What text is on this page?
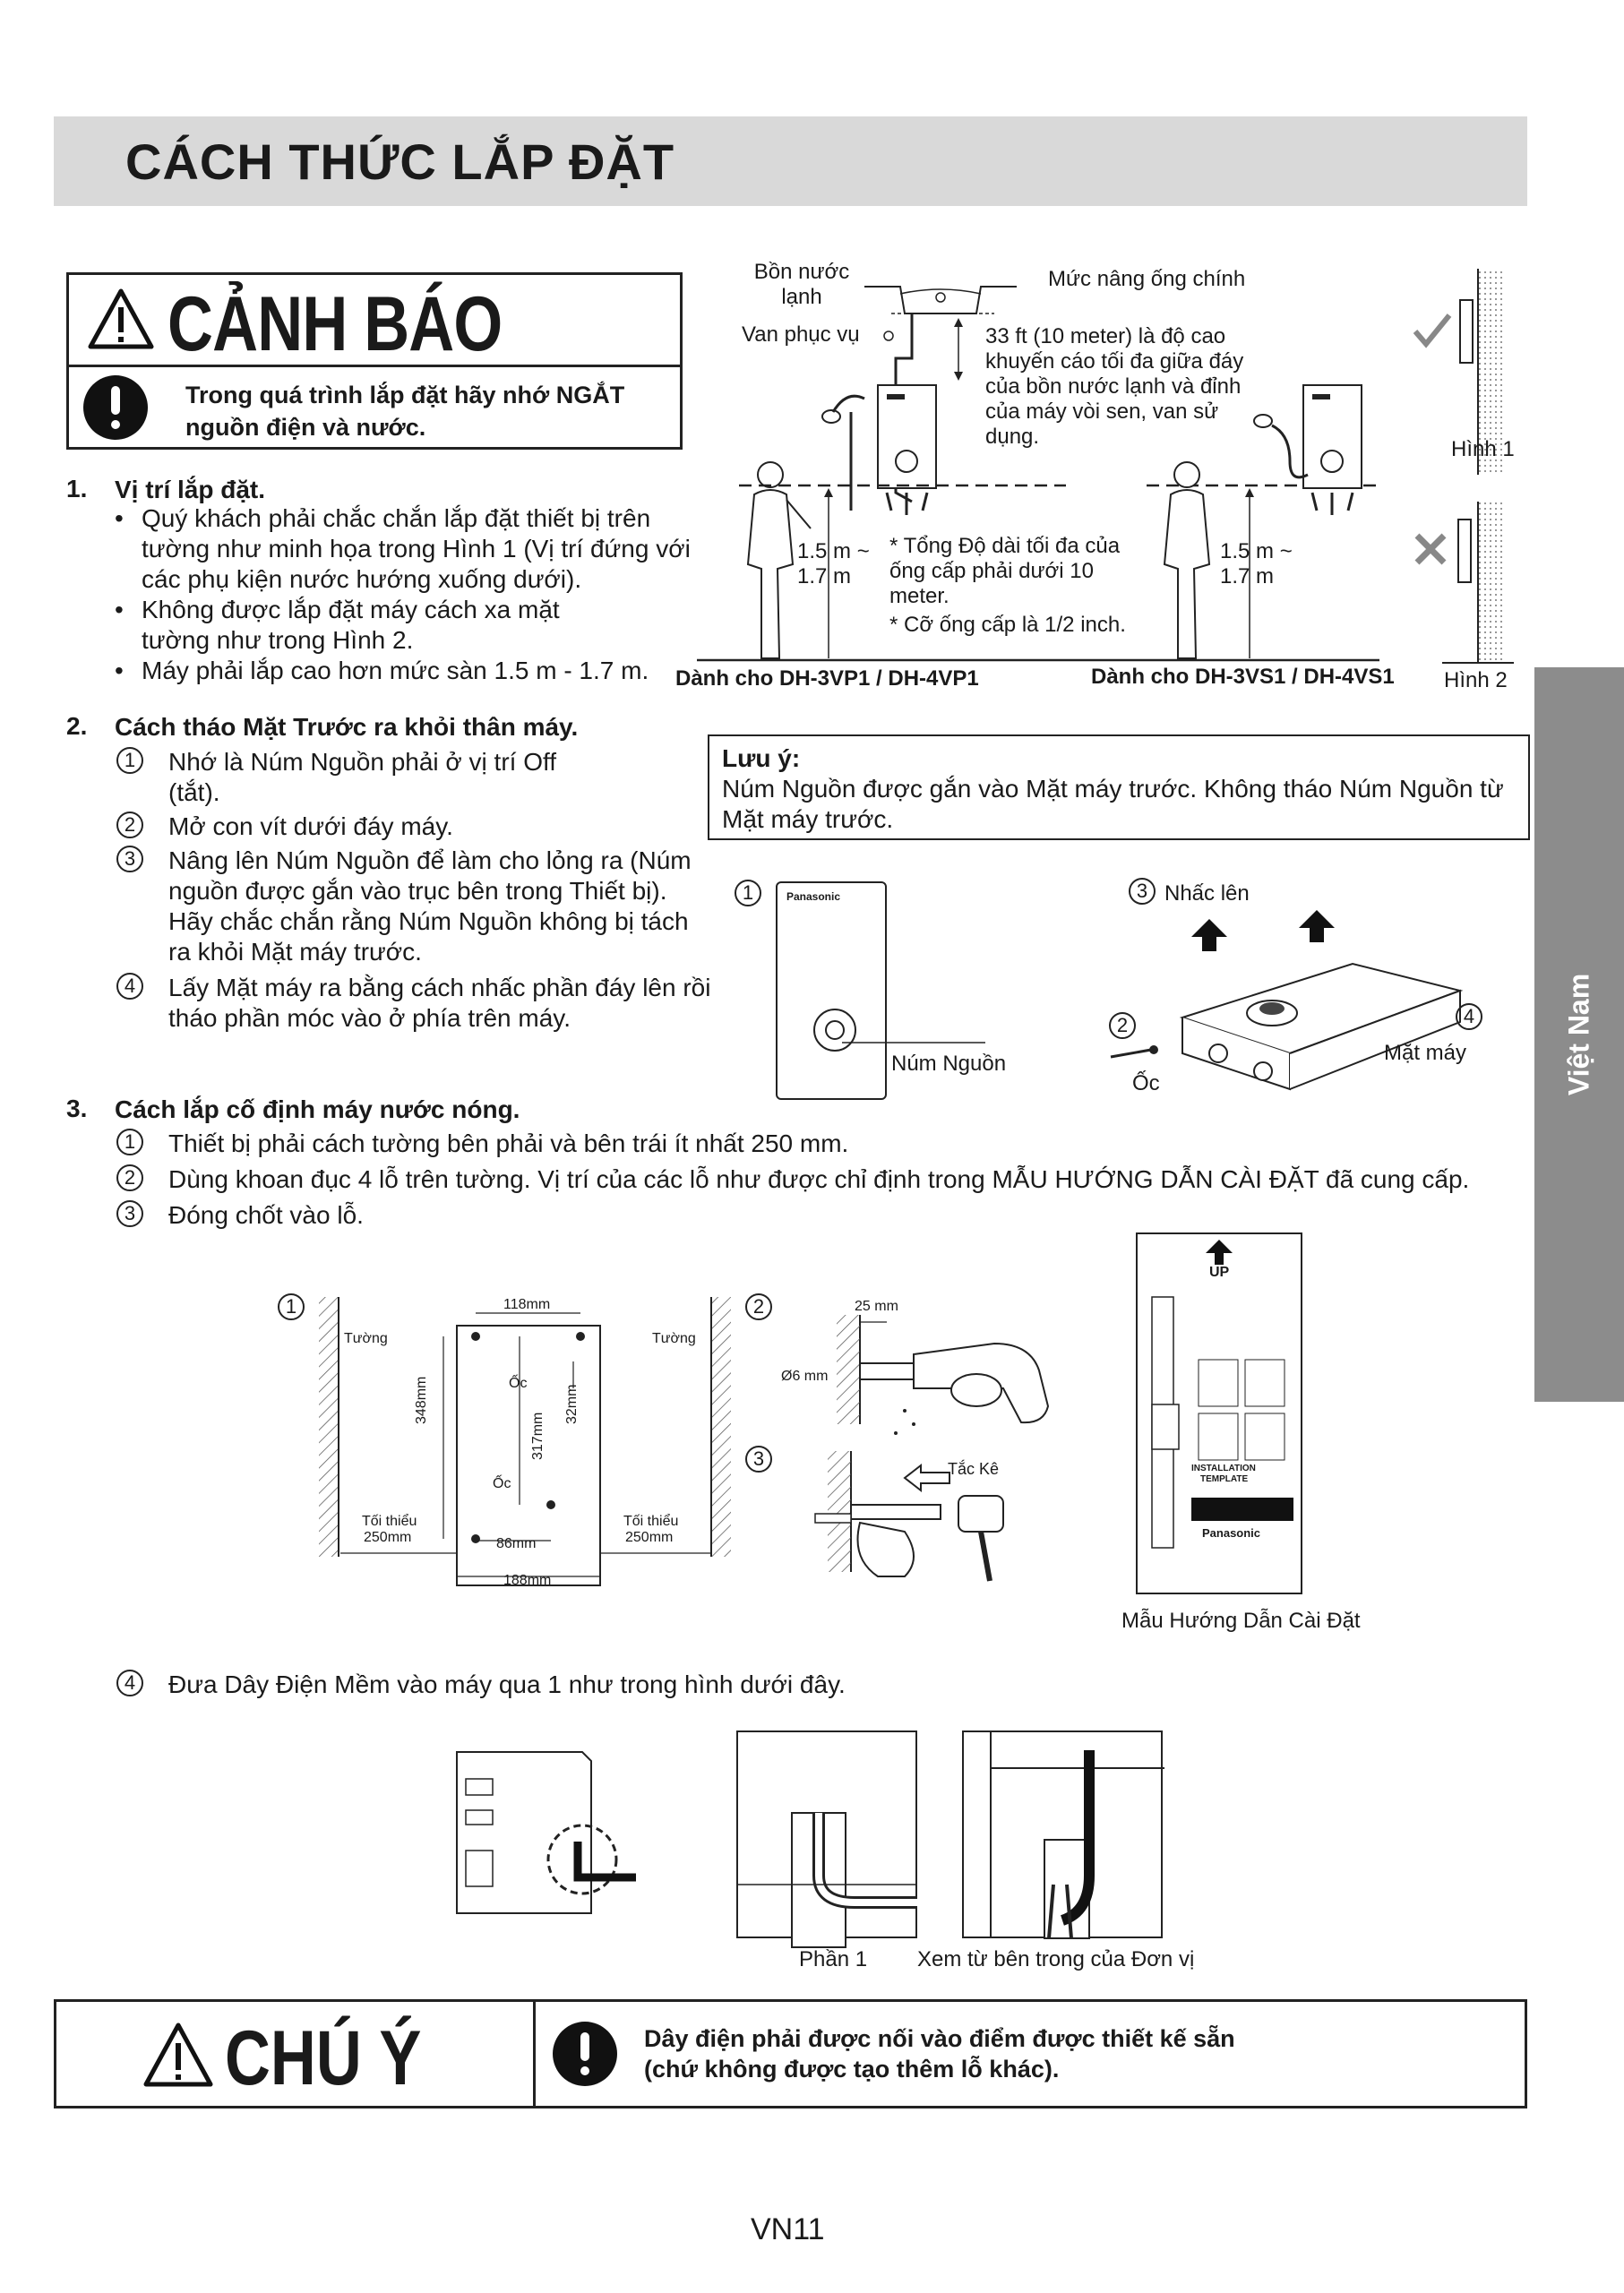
CÁCH THỨC LẮP ĐẶT
Việt Nam
CẢNH BÁO
Trong quá trình lắp đặt hãy nhớ NGẮT nguồn điện và nước.
1. Vị trí lắp đặt.
• Quý khách phải chắc chắn lắp đặt thiết bị trên tường như minh họa trong Hình 1 (Vị trí đứng với các phụ kiện nước hướng xuống dưới).
• Không được lắp đặt máy cách xa mặt tường như trong Hình 2.
• Máy phải lắp cao hơn mức sàn 1.5 m - 1.7 m.
Bồn nước lạnh
Mức nâng ống chính
Van phục vụ	33 ft (10 meter) là độ cao khuyến cáo tối đa giữa đáy của bồn nước lạnh và đỉnh của máy vòi sen, van sử dụng.
1.5 m ~
1.7 m
* Tổng Độ dài tối đa của ống cấp phải dưới 10 meter.
* Cỡ ống cấp là 1/2 inch.
1.5 m ~
1.7 m
Dành cho DH-3VP1 / DH-4VP1	Dành cho DH-3VS1 / DH-4VS1
Hình 1
Hình 2
2. Cách tháo Mặt Trước ra khỏi thân máy.
1	Nhớ là Núm Nguồn phải ở vị trí Off (tắt).
2	Mở con vít dưới đáy máy.
3	Nâng lên Núm Nguồn để làm cho lỏng ra (Núm nguồn được gắn vào trục bên trong Thiết bị). Hãy chắc chắn rằng Núm Nguồn không bị tách ra khỏi Mặt máy trước.
4	Lấy Mặt máy ra bằng cách nhấc phần đáy lên rồi tháo phần móc vào ở phía trên máy.
Lưu ý:
Núm Nguồn được gắn vào Mặt máy trước. Không tháo Núm Nguồn từ Mặt máy trước.
1	Panasonic
Núm Nguồn
3 Nhấc lên
2
Ốc
4
Mặt máy
3. Cách lắp cố định máy nước nóng.
1	Thiết bị phải cách tường bên phải và bên trái ít nhất 250 mm.
2	Dùng khoan đục 4 lỗ trên tường. Vị trí của các lỗ như được chỉ định trong MẪU HƯỚNG DẪN CÀI ĐẶT đã cung cấp.
3	Đóng chốt vào lỗ.
1
Tường	Tường
118mm
348mm
317mm
32mm
Ốc
Ốc
86mm
188mm
Tối thiểu
250mm
Tối thiểu
250mm
2	25 mm
Ø6 mm
3	Tắc Kê
UP
INSTALLATION
TEMPLATE
Panasonic
Mẫu Hướng Dẫn Cài Đặt
4	Đưa Dây Điện Mềm vào máy qua 1 như trong hình dưới đây.
Phần 1 Xem từ bên trong của Đơn vị
CHÚ Ý	Dây điện phải được nối vào điểm được thiết kế sẵn (chứ không được tạo thêm lỗ khác).
VN11
